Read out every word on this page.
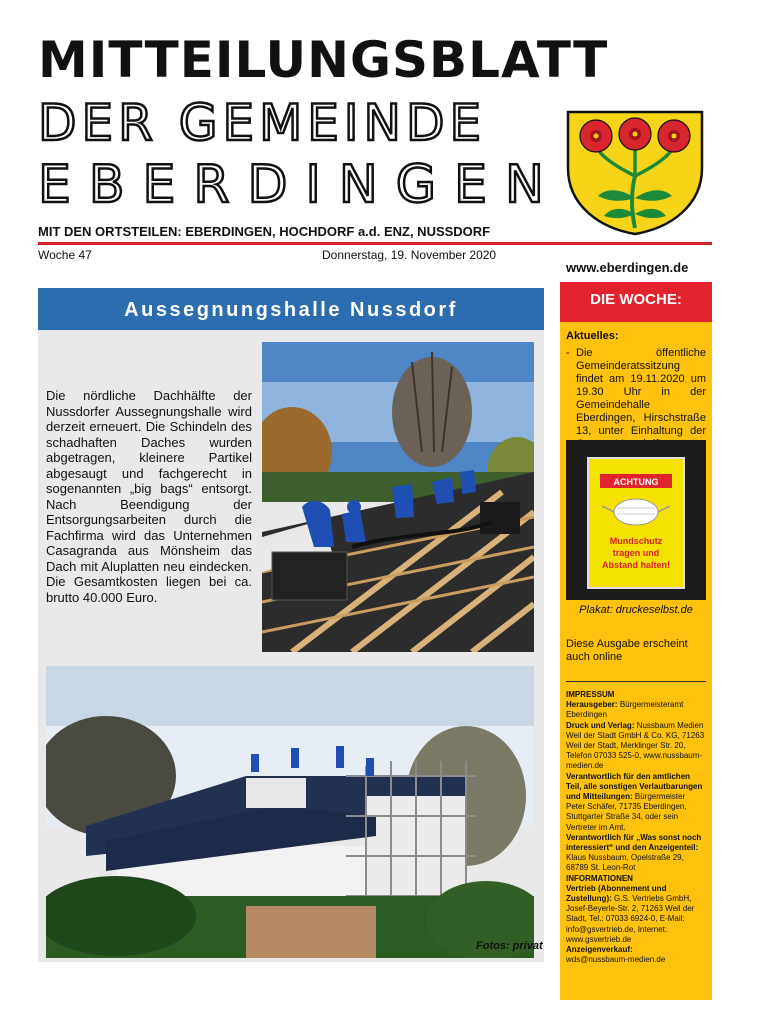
MITTEILUNGSBLATT
DER GEMEINDE
EBERDINGEN
MIT DEN ORTSTEILEN: EBERDINGEN, HOCHDORF a.d. ENZ, NUSSDORF
Woche 47	Donnerstag, 19. November 2020
www.eberdingen.de
Aussegnungshalle Nussdorf
Die nördliche Dachhälfte der Nussdorfer Aussegnungshalle wird derzeit erneuert. Die Schindeln des schadhaften Daches wurden abgetragen, kleinere Partikel abgesaugt und fachgerecht in sogenannten „big bags“ entsorgt. Nach Beendigung der Entsorgungsarbeiten durch die Fachfirma wird das Unternehmen Casagranda aus Mönsheim das Dach mit Aluplatten neu eindecken. Die Gesamtkosten liegen bei ca. brutto 40.000 Euro.
Fotos: privat
DIE WOCHE:
Aktuelles:
- Die öffentliche Gemeinderatssitzung findet am 19.11.2020 um 19.30 Uhr in der Gemeindehalle Eberdingen, Hirschstraße 13, unter Einhaltung der
ACHTUNG
Mundschutz
tragen und
Abstand halten!
Plakat: druckeselbst.de
Diese Ausgabe erscheint auch online
IMPRESSUM
Herausgeber: Bürgermeisteramt Eberdingen
Druck und Verlag: Nussbaum Medien Weil der Stadt GmbH & Co. KG, 71263 Weil der Stadt, Merklinger Str. 20, Telefon 07033 525-0, www.nussbaum-medien.de
Verantwortlich für den amtlichen Teil, alle sonstigen Verlautbarungen und Mitteilungen: Bürgermeister Peter Schäfer, 71735 Eberdingen, Stuttgarter Straße 34, oder sein Vertreter im Amt.
Verantwortlich für „Was sonst noch interessiert“ und den Anzeigenteil: Klaus Nussbaum, Opelstraße 29, 68789 St. Leon-Rot
INFORMATIONEN
Vertrieb (Abonnement und Zustellung): G.S. Vertriebs GmbH, Josef-Beyerle-Str. 2, 71263 Weil der Stadt, Tel.: 07033 6924-0, E-Mail: info@gsvertrieb.de, Internet: www.gsvertrieb.de
Anzeigenverkauf:
wds@nussbaum-medien.de
